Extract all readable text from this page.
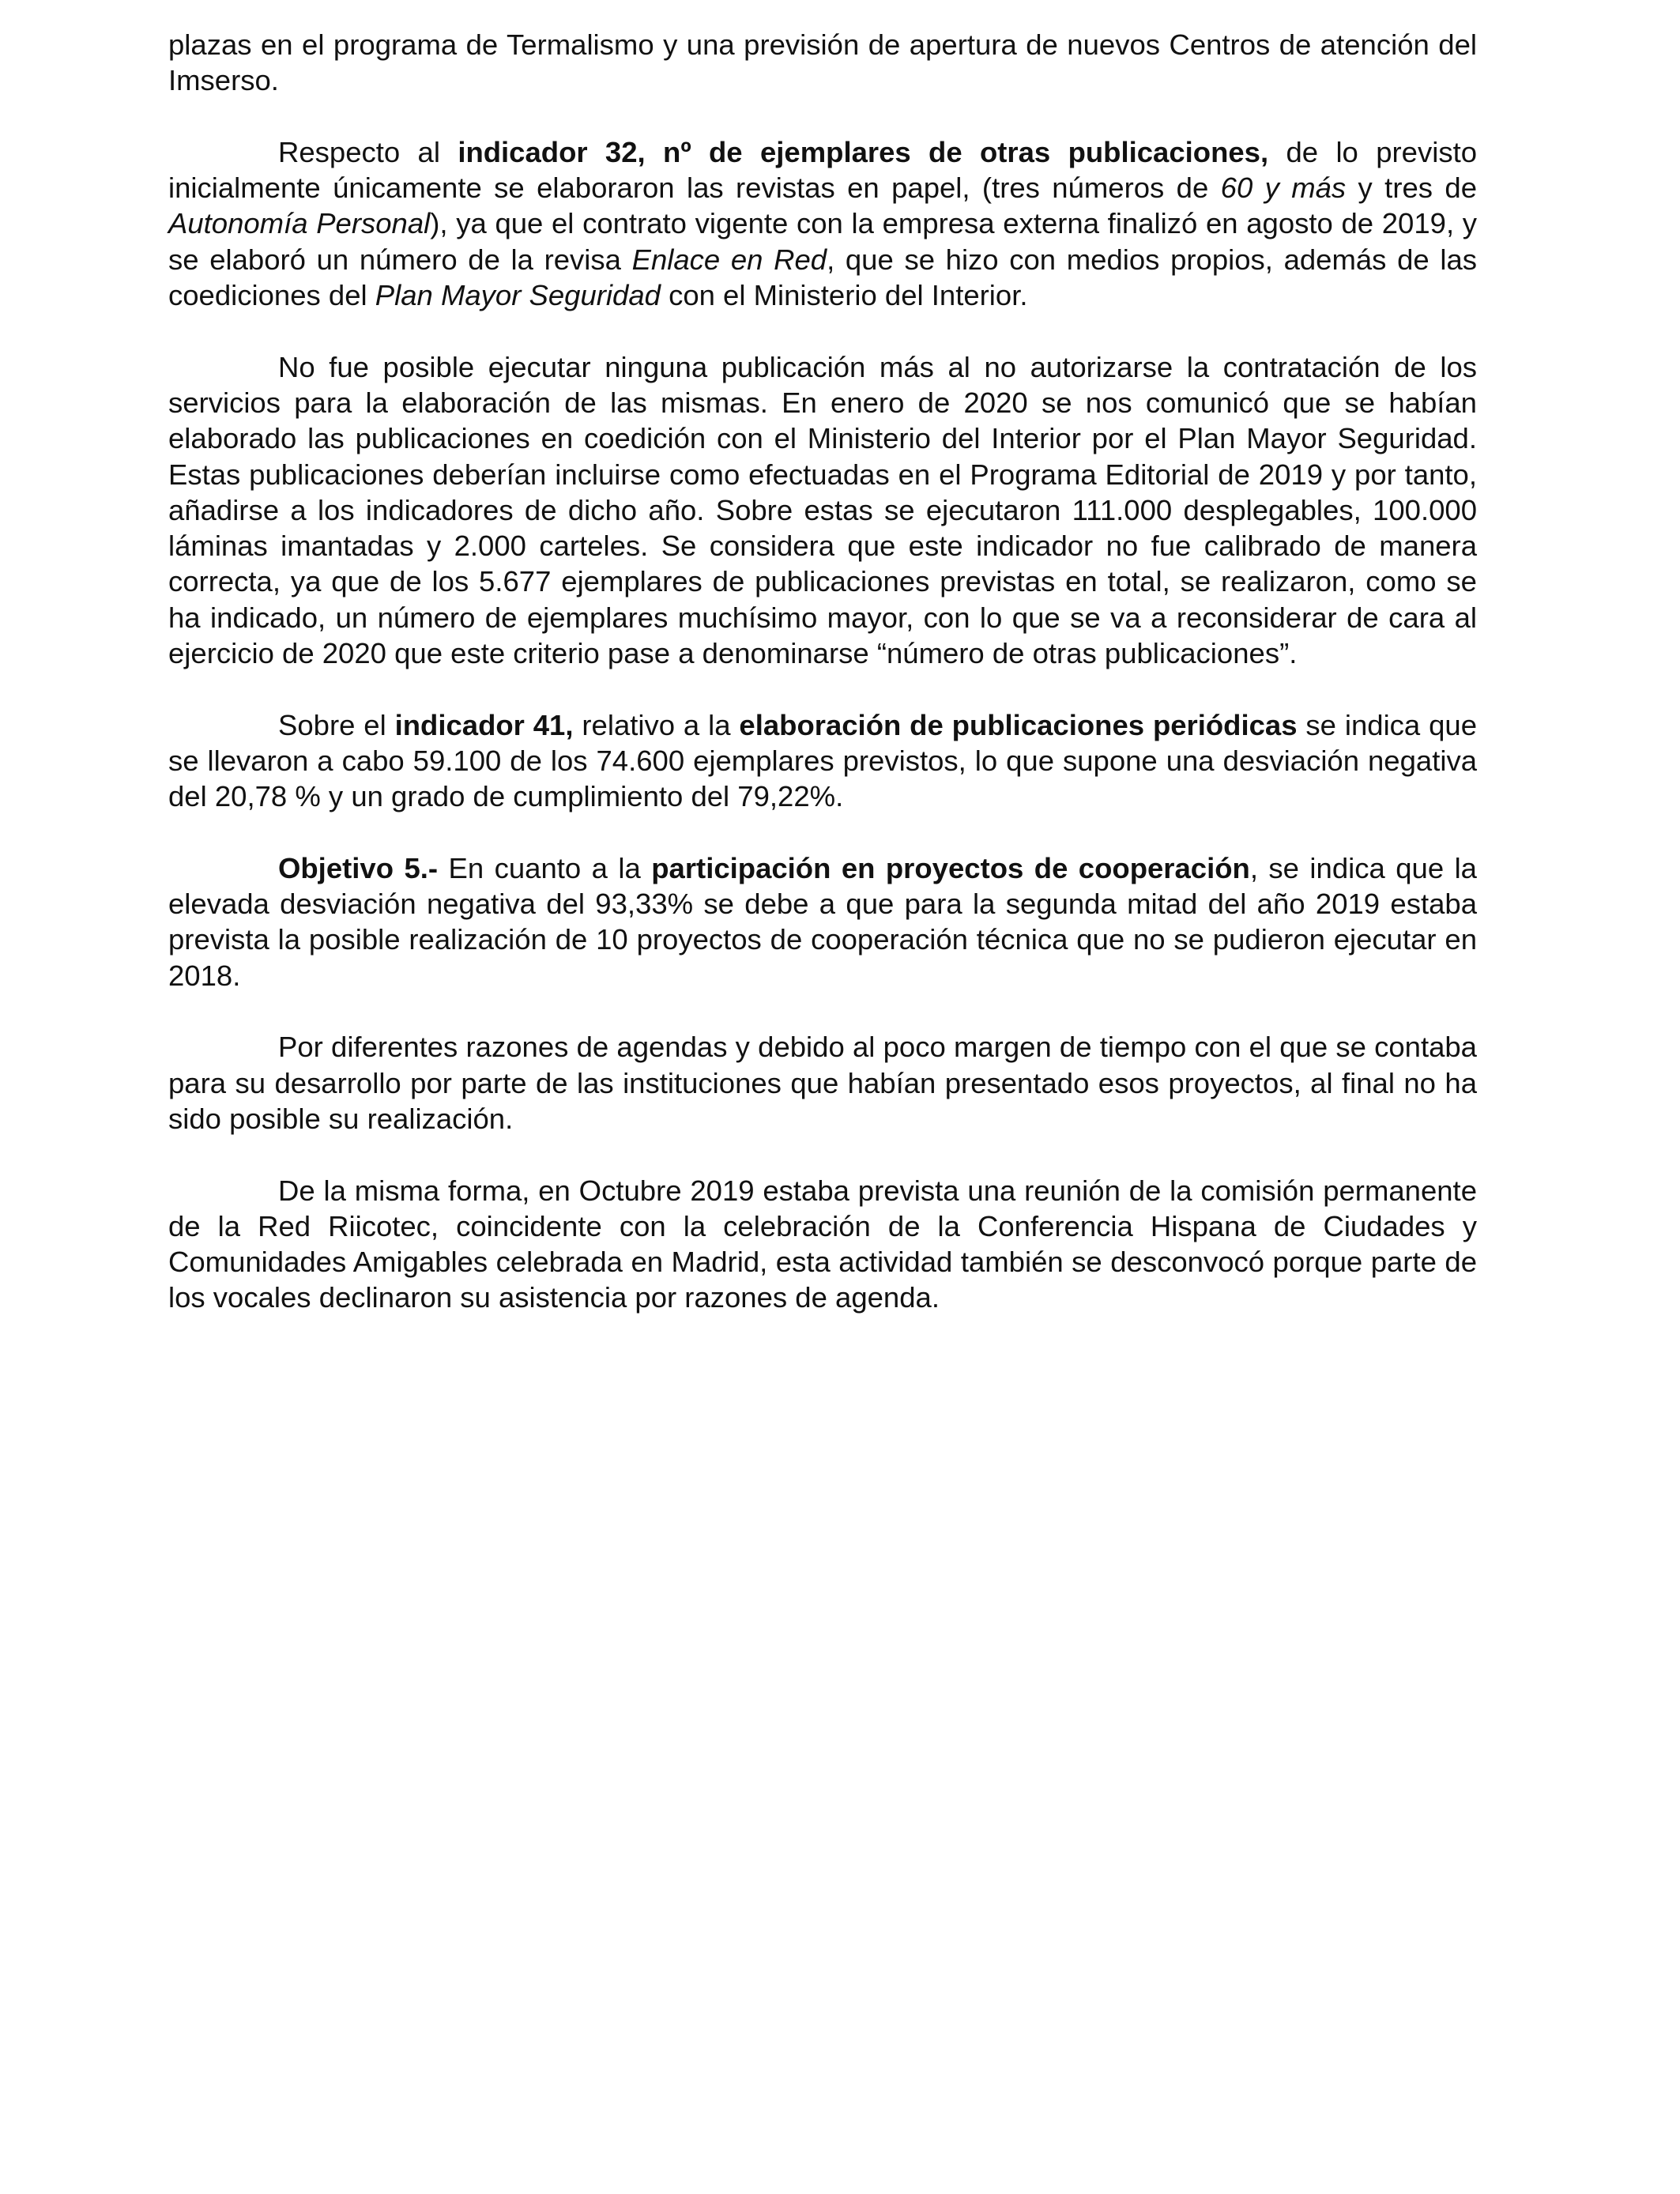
plazas en el programa de Termalismo y una previsión de apertura de nuevos Centros de atención del Imserso.

Respecto al indicador 32, nº de ejemplares de otras publicaciones, de lo previsto inicialmente únicamente se elaboraron las revistas en papel, (tres números de 60 y más y tres de Autonomía Personal), ya que el contrato vigente con la empresa externa finalizó en agosto de 2019, y se elaboró un número de la revisa Enlace en Red, que se hizo con medios propios, además de las coediciones del Plan Mayor Seguridad con el Ministerio del Interior.

No fue posible ejecutar ninguna publicación más al no autorizarse la contratación de los servicios para la elaboración de las mismas. En enero de 2020 se nos comunicó que se habían elaborado las publicaciones en coedición con el Ministerio del Interior por el Plan Mayor Seguridad. Estas publicaciones deberían incluirse como efectuadas en el Programa Editorial de 2019 y por tanto, añadirse a los indicadores de dicho año. Sobre estas se ejecutaron 111.000 desplegables, 100.000 láminas imantadas y 2.000 carteles. Se considera que este indicador no fue calibrado de manera correcta, ya que de los 5.677 ejemplares de publicaciones previstas en total, se realizaron, como se ha indicado, un número de ejemplares muchísimo mayor, con lo que se va a reconsiderar de cara al ejercicio de 2020 que este criterio pase a denominarse “número de otras publicaciones”.

Sobre el indicador 41, relativo a la elaboración de publicaciones periódicas se indica que se llevaron a cabo 59.100 de los 74.600 ejemplares previstos, lo que supone una desviación negativa del 20,78 % y un grado de cumplimiento del 79,22%.

Objetivo 5.- En cuanto a la participación en proyectos de cooperación, se indica que la elevada desviación negativa del 93,33% se debe a que para la segunda mitad del año 2019 estaba prevista la posible realización de 10 proyectos de cooperación técnica que no se pudieron ejecutar en 2018.

Por diferentes razones de agendas y debido al poco margen de tiempo con el que se contaba para su desarrollo por parte de las instituciones que habían presentado esos proyectos, al final no ha sido posible su realización.

De la misma forma, en Octubre 2019 estaba prevista una reunión de la comisión permanente de la Red Riicotec, coincidente con la celebración de la Conferencia Hispana de Ciudades y Comunidades Amigables celebrada en Madrid, esta actividad también se desconvocó porque parte de los vocales declinaron su asistencia por razones de agenda.
